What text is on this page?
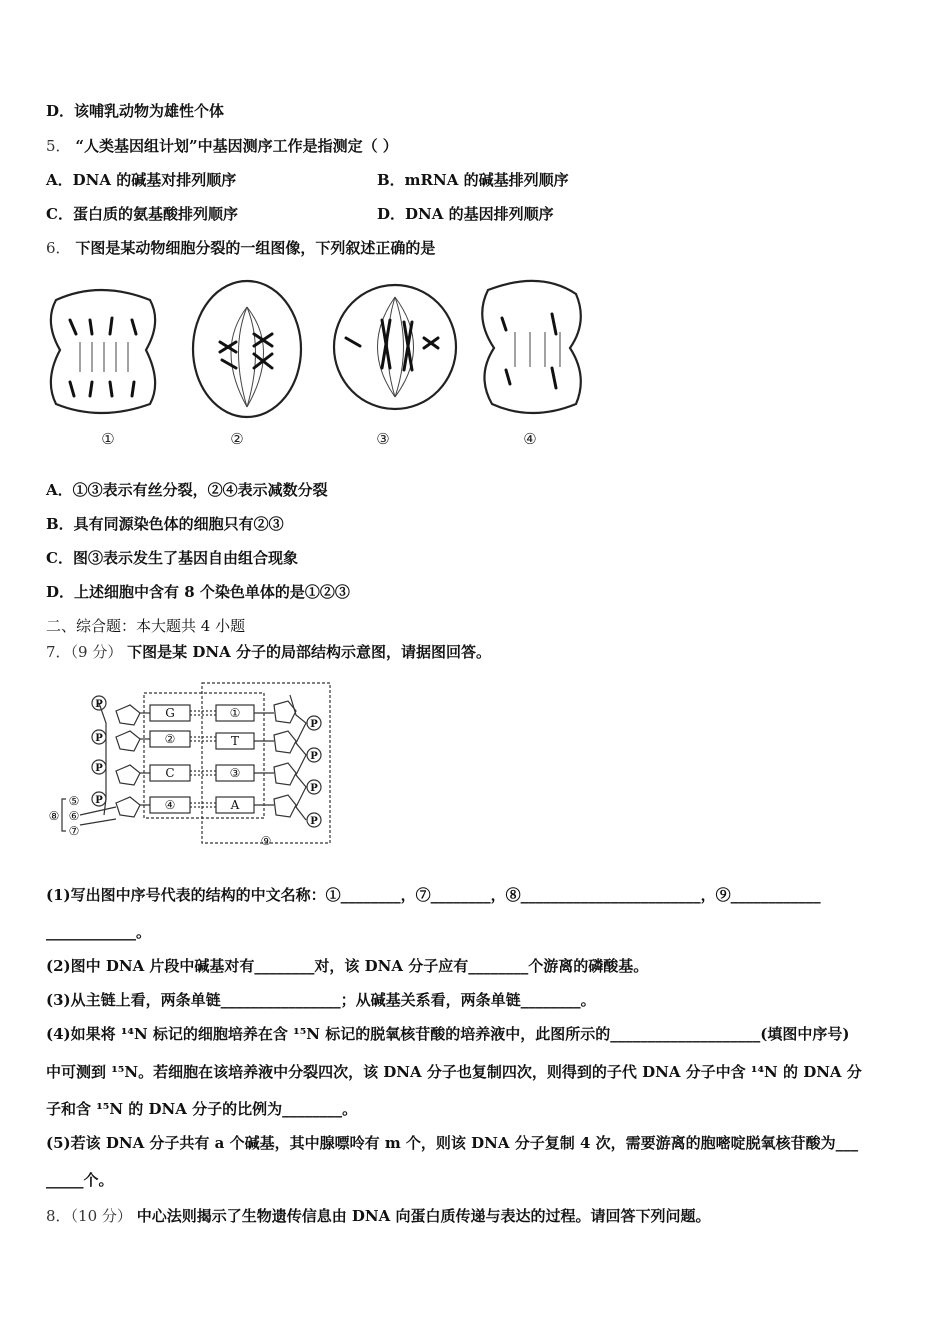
D．该哺乳动物为雄性个体
5． “人类基因组计划”中基因测序工作是指测定（ ）
A．DNA 的碱基对排列顺序	B．mRNA 的碱基排列顺序
C．蛋白质的氨基酸排列顺序	D．DNA 的基因排列顺序
6． 下图是某动物细胞分裂的一组图像，下列叙述正确的是
①	②	③	④
A．①③表示有丝分裂，②④表示减数分裂
B．具有同源染色体的细胞只有②③
C．图③表示发生了基因自由组合现象
D．上述细胞中含有 8 个染色单体的是①②③
二、综合题：本大题共 4 小题
7．（9 分） 下图是某 DNA 分子的局部结构示意图，请据图回答。
P
P
P
P
P
P
P
P
G
②
C
④
①
T
③
A
⑤
⑥
⑦
⑧
⑨
(1)写出图中序号代表的结构的中文名称：①________，⑦________，⑧________________________，⑨____________
____________。
(2)图中 DNA 片段中碱基对有________对，该 DNA 分子应有________个游离的磷酸基。
(3)从主链上看，两条单链________________；从碱基关系看，两条单链________。
(4)如果将 ¹⁴N 标记的细胞培养在含 ¹⁵N 标记的脱氧核苷酸的培养液中，此图所示的____________________(填图中序号)
中可测到 ¹⁵N。若细胞在该培养液中分裂四次，该 DNA 分子也复制四次，则得到的子代 DNA 分子中含 ¹⁴N 的 DNA 分
子和含 ¹⁵N 的 DNA 分子的比例为________。
(5)若该 DNA 分子共有 a 个碱基，其中腺嘌呤有 m 个，则该 DNA 分子复制 4 次，需要游离的胞嘧啶脱氧核苷酸为___
_____个。
8．（10 分） 中心法则揭示了生物遗传信息由 DNA 向蛋白质传递与表达的过程。请回答下列问题。
